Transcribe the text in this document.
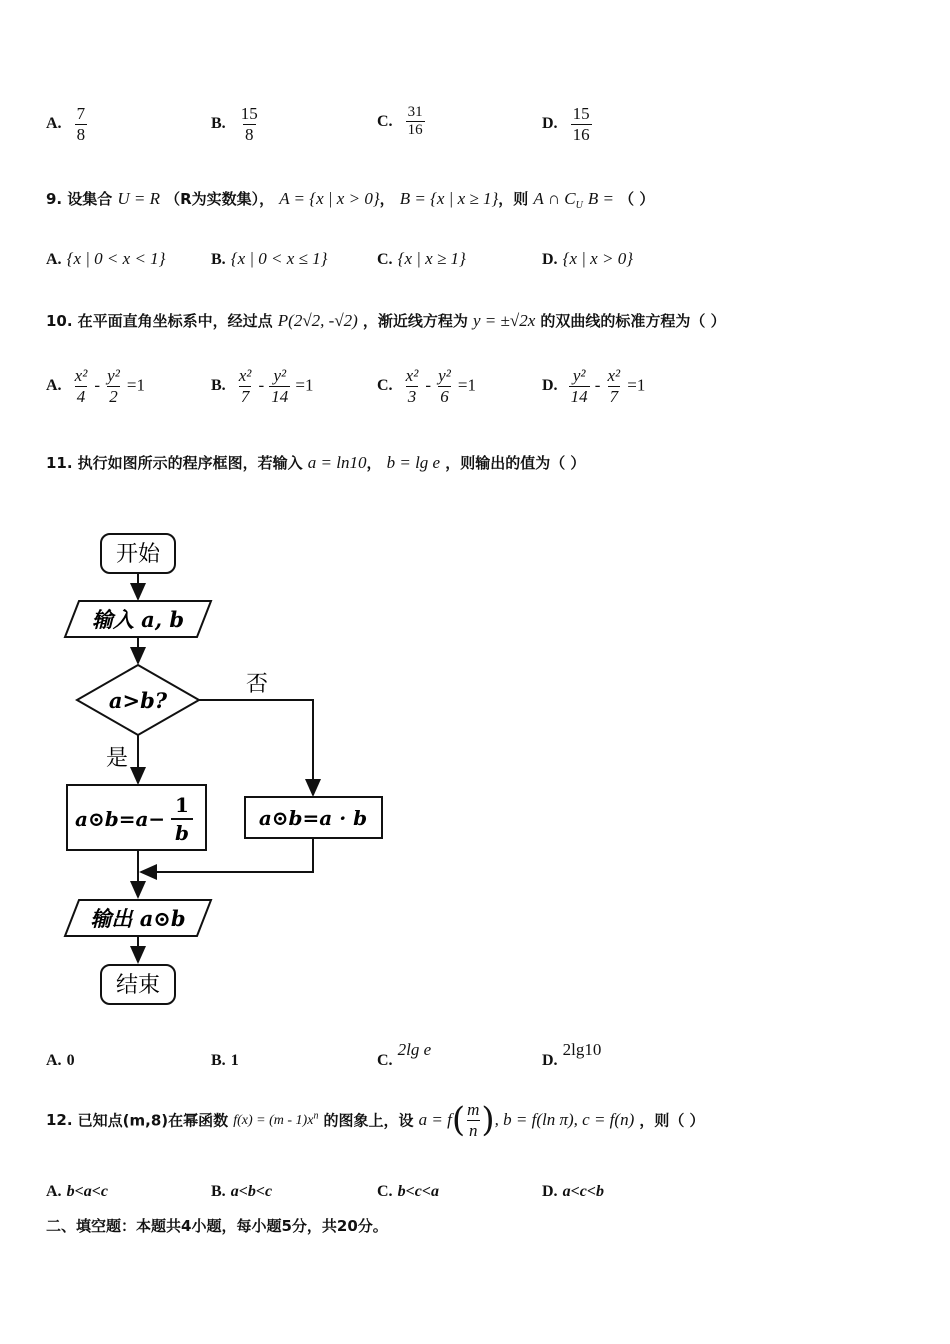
A. $\frac{7}{8}$	B. $\frac{15}{8}$	C. $\frac{31}{16}$	D. $\frac{15}{16}$
9. 设集合 U = R （R为实数集）， A = {x | x > 0}， B = {x | x ≥ 1}，则 A ∩ $C_U$ B = （ ）
A. {x | 0 < x < 1}	B. {x | 0 < x ≤ 1}	C. {x | x ≥ 1}	D. {x | x > 0}
10. 在平面直角坐标系中，经过点 P(2√2, -√2) ，渐近线方程为 y = ±√2x 的双曲线的标准方程为（ ）
A. $\frac{\text{x²}}{4} - \frac{\text{y²}}{2} =1$	B. $\frac{\text{x²}}{7} - \frac{\text{y²}}{14} =1$	C. $\frac{\text{x²}}{3} - \frac{\text{y²}}{6} =1$	D. $\frac{\text{y²}}{14} - \frac{\text{x²}}{7} =1$
11. 执行如图所示的程序框图，若输入 a = ln10， b = lg e ，则输出的值为（ ）
开始
输入 a, b
a>b?
否
是
a⊙b=a−
1
b
a⊙b=a · b
输出 a⊙b
结束
A. 0	B. 1	C. 2lg e
D. 2lg10
12. 已知点(m,8)在幂函数 $f(x) = (m - 1)x^n$ 的图象上，设 $a = f( \frac{m}{n}$ ), b = f(ln π), c = f(n) ，则（ ）
A. b<a<c	B. a<b<c	C. b<c<a	D. a<c<b
二、填空题：本题共4小题，每小题5分，共20分。
